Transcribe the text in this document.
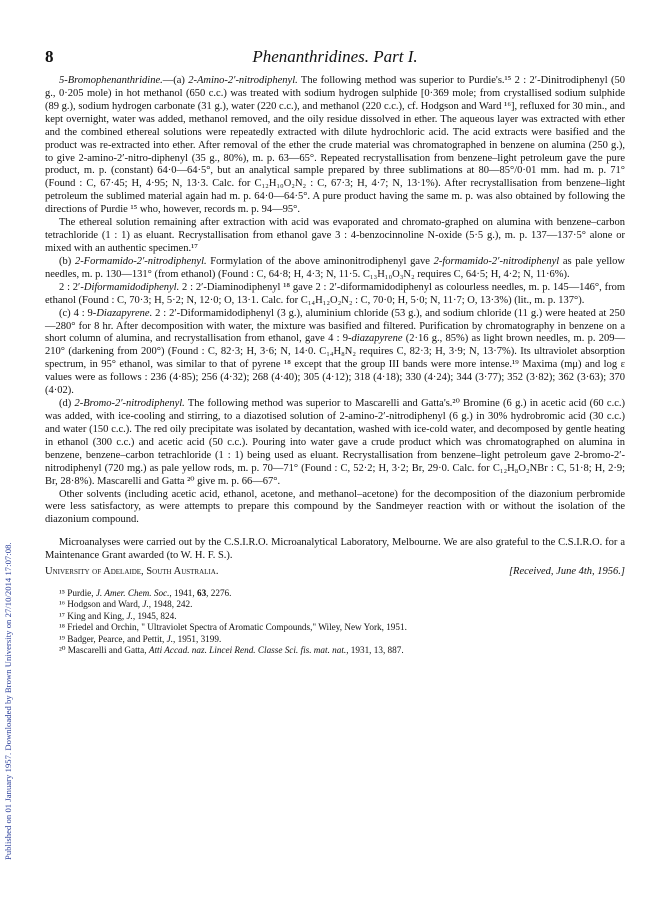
Published on 01 January 1957. Downloaded by Brown University on 27/10/2014 17:07:08.
8	Phenanthridines. Part I.

5-Bromophenanthridine.—(a) 2-Amino-2′-nitrodiphenyl. The following method was superior to Purdie's.¹⁵ 2 : 2′-Dinitrodiphenyl (50 g., 0·205 mole) in hot methanol (650 c.c.) was treated with sodium hydrogen sulphide [0·369 mole; from crystallised sodium sulphide (89 g.), sodium hydrogen carbonate (31 g.), water (220 c.c.), and methanol (220 c.c.), cf. Hodgson and Ward ¹⁶], refluxed for 30 min., and kept overnight, water was added, methanol removed, and the oily residue dissolved in ether. The aqueous layer was extracted with ether and the combined ethereal solutions were repeatedly extracted with dilute hydrochloric acid. The acid extracts were basified and the product was re-extracted into ether. After removal of the ether the crude material was chromatographed in benzene on alumina (250 g.), to give 2-amino-2′-nitro-diphenyl (35 g., 80%), m. p. 63—65°. Repeated recrystallisation from benzene–light petroleum gave the pure product, m. p. (constant) 64·0—64·5°, but an analytical sample prepared by three sublimations at 80—85°/0·01 mm. had m. p. 71° (Found : C, 67·45; H, 4·95; N, 13·3. Calc. for C₁₂H₁₀O₂N₂ : C, 67·3; H, 4·7; N, 13·1%). After recrystallisation from benzene–light petroleum the sublimed material again had m. p. 64·0—64·5°. A pure product having the same m. p. was also obtained by following the directions of Purdie ¹⁵ who, however, records m. p. 94—95°.

The ethereal solution remaining after extraction with acid was evaporated and chromato-graphed on alumina with benzene–carbon tetrachloride (1 : 1) as eluant. Recrystallisation from ethanol gave 3 : 4-benzocinnoline N-oxide (5·5 g.), m. p. 137—137·5° alone or mixed with an authentic specimen.¹⁷

(b) 2-Formamido-2′-nitrodiphenyl. Formylation of the above aminonitrodiphenyl gave 2-formamido-2′-nitrodiphenyl as pale yellow needles, m. p. 130—131° (from ethanol) (Found : C, 64·8; H, 4·3; N, 11·5. C₁₃H₁₀O₃N₂ requires C, 64·5; H, 4·2; N, 11·6%).

2 : 2′-Diformamidodiphenyl. 2 : 2′-Diaminodiphenyl ¹⁸ gave 2 : 2′-diformamidodiphenyl as colourless needles, m. p. 145—146°, from ethanol (Found : C, 70·3; H, 5·2; N, 12·0; O, 13·1. Calc. for C₁₄H₁₂O₂N₂ : C, 70·0; H, 5·0; N, 11·7; O, 13·3%) (lit., m. p. 137°).

(c) 4 : 9-Diazapyrene. 2 : 2′-Diformamidodiphenyl (3 g.), aluminium chloride (53 g.), and sodium chloride (11 g.) were heated at 250—280° for 8 hr. After decomposition with water, the mixture was basified and filtered. Purification by chromatography in benzene on a short column of alumina, and recrystallisation from ethanol, gave 4 : 9-diazapyrene (2·16 g., 85%) as light brown needles, m. p. 209—210° (darkening from 200°) (Found : C, 82·3; H, 3·6; N, 14·0. C₁₄H₈N₂ requires C, 82·3; H, 3·9; N, 13·7%). Its ultraviolet absorption spectrum, in 95° ethanol, was similar to that of pyrene ¹⁸ except that the group III bands were more intense.¹⁹ Maxima (mμ) and log ε values were as follows : 236 (4·85); 256 (4·32); 268 (4·40); 305 (4·12); 318 (4·18); 330 (4·24); 344 (3·77); 352 (3·82); 362 (3·63); 370 (4·02).

(d) 2-Bromo-2′-nitrodiphenyl. The following method was superior to Mascarelli and Gatta's.²⁰ Bromine (6 g.) in acetic acid (60 c.c.) was added, with ice-cooling and stirring, to a diazotised solution of 2-amino-2′-nitrodiphenyl (6 g.) in 30% hydrobromic acid (30 c.c.) and water (150 c.c.). The red oily precipitate was isolated by decantation, washed with ice-cold water, and decomposed by gentle heating in ethanol (300 c.c.) and acetic acid (50 c.c.). Pouring into water gave a crude product which was chromatographed on alumina in benzene, benzene–carbon tetrachloride (1 : 1) being used as eluant. Recrystallisation from benzene–light petroleum gave 2-bromo-2′-nitrodiphenyl (720 mg.) as pale yellow rods, m. p. 70—71° (Found : C, 52·2; H, 3·2; Br, 29·0. Calc. for C₁₂H₈O₂NBr : C, 51·8; H, 2·9; Br, 28·8%). Mascarelli and Gatta ²⁰ give m. p. 66—67°.

Other solvents (including acetic acid, ethanol, acetone, and methanol–acetone) for the decomposition of the diazonium perbromide were less satisfactory, as were attempts to prepare this compound by the Sandmeyer reaction with or without the isolation of the diazonium compound.

Microanalyses were carried out by the C.S.I.R.O. Microanalytical Laboratory, Melbourne. We are also grateful to the C.S.I.R.O. for a Maintenance Grant awarded (to W. H. F. S.).

University of Adelaide, South Australia.	[Received, June 4th, 1956.]
¹⁵ Purdie, J. Amer. Chem. Soc., 1941, 63, 2276.
¹⁶ Hodgson and Ward, J., 1948, 242.
¹⁷ King and King, J., 1945, 824.
¹⁸ Friedel and Orchin, " Ultraviolet Spectra of Aromatic Compounds," Wiley, New York, 1951.
¹⁹ Badger, Pearce, and Pettit, J., 1951, 3199.
²⁰ Mascarelli and Gatta, Atti Accad. naz. Lincei Rend. Classe Sci. fis. mat. nat., 1931, 13, 887.
